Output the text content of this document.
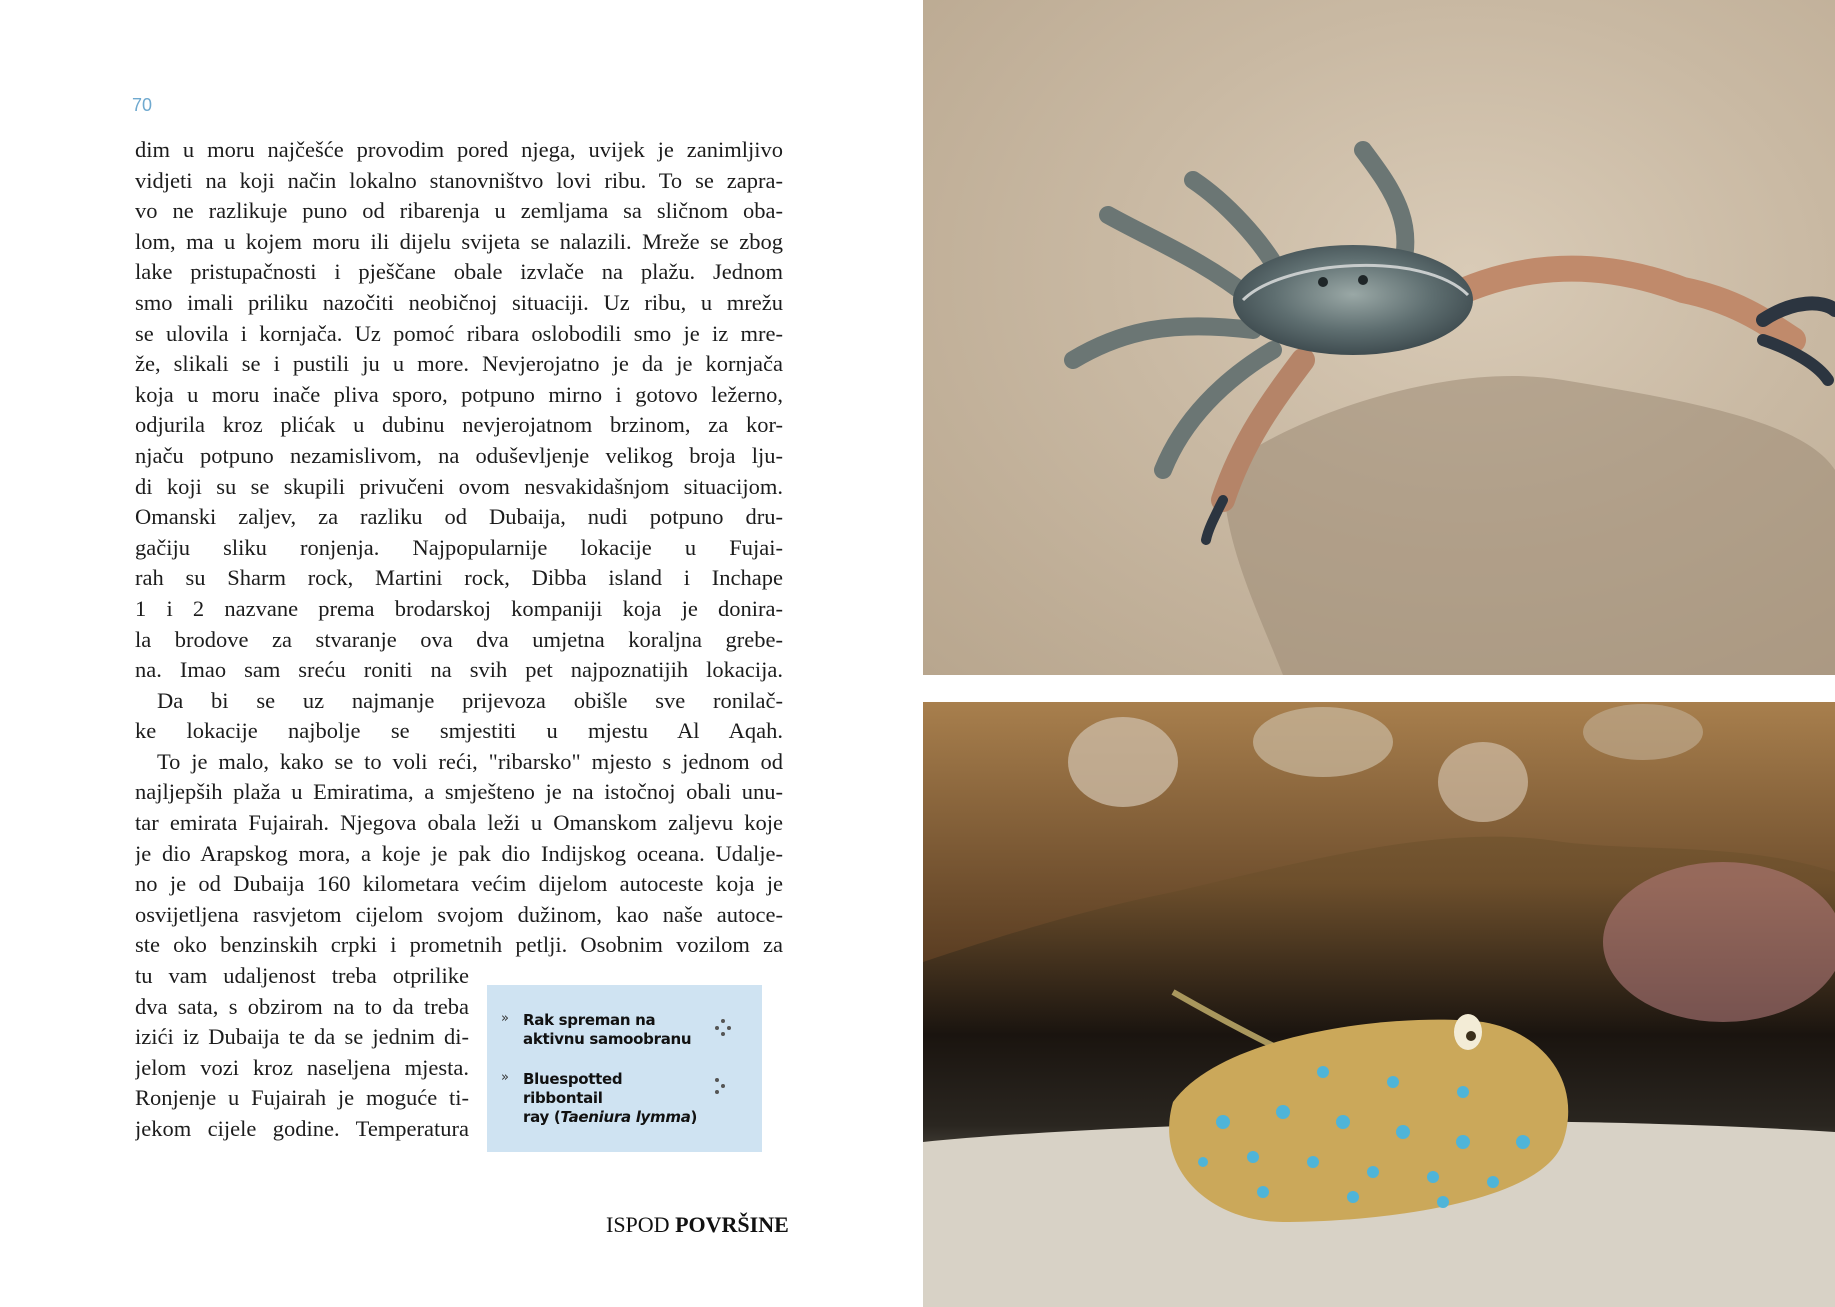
70
dim u moru najčešće provodim pored njega, uvijek je zanimljivo
vidjeti na koji način lokalno stanovništvo lovi ribu. To se zapra-
vo ne razlikuje puno od ribarenja u zemljama sa sličnom oba-
lom, ma u kojem moru ili dijelu svijeta se nalazili. Mreže se zbog
lake pristupačnosti i pješčane obale izvlače na plažu. Jednom
smo imali priliku nazočiti neobičnoj situaciji. Uz ribu, u mrežu
se ulovila i kornjača. Uz pomoć ribara oslobodili smo je iz mre-
že, slikali se i pustili ju u more. Nevjerojatno je da je kornjača
koja u moru inače pliva sporo, potpuno mirno i gotovo ležerno,
odjurila kroz plićak u dubinu nevjerojatnom brzinom, za kor-
njaču potpuno nezamislivom, na oduševljenje velikog broja lju-
di koji su se skupili privučeni ovom nesvakidašnjom situacijom.
Omanski zaljev, za razliku od Dubaija, nudi potpuno dru-
gačiju sliku ronjenja. Najpopularnije lokacije u Fujai-
rah su Sharm rock, Martini rock, Dibba island i Inchape
1 i 2 nazvane prema brodarskoj kompaniji koja je donira-
la brodove za stvaranje ova dva umjetna koraljna grebe-
na. Imao sam sreću roniti na svih pet najpoznatijih lokacija.
Da bi se uz najmanje prijevoza obišle sve ronilač-
ke lokacije najbolje se smjestiti u mjestu Al Aqah.
To je malo, kako se to voli reći, "ribarsko" mjesto s jednom od
najljepših plaža u Emiratima, a smješteno je na istočnoj obali unu-
tar emirata Fujairah. Njegova obala leži u Omanskom zaljevu koje
je dio Arapskog mora, a koje je pak dio Indijskog oceana. Udalje-
no je od Dubaija 160 kilometara većim dijelom autoceste koja je
osvijetljena rasvjetom cijelom svojom dužinom, kao naše autoce-
ste oko benzinskih crpki i prometnih petlji. Osobnim vozilom za
tu vam udaljenost treba otprilike
dva sata, s obzirom na to da treba
izići iz Dubaija te da se jednim di-
jelom vozi kroz naseljena mjesta.
Ronjenje u Fujairah je moguće ti-
jekom cijele godine. Temperatura
» Rak spreman na
aktivnu samoobranu
» Bluespotted ribbontail
ray (Taeniura lymma)
ISPOD POVRŠINE
